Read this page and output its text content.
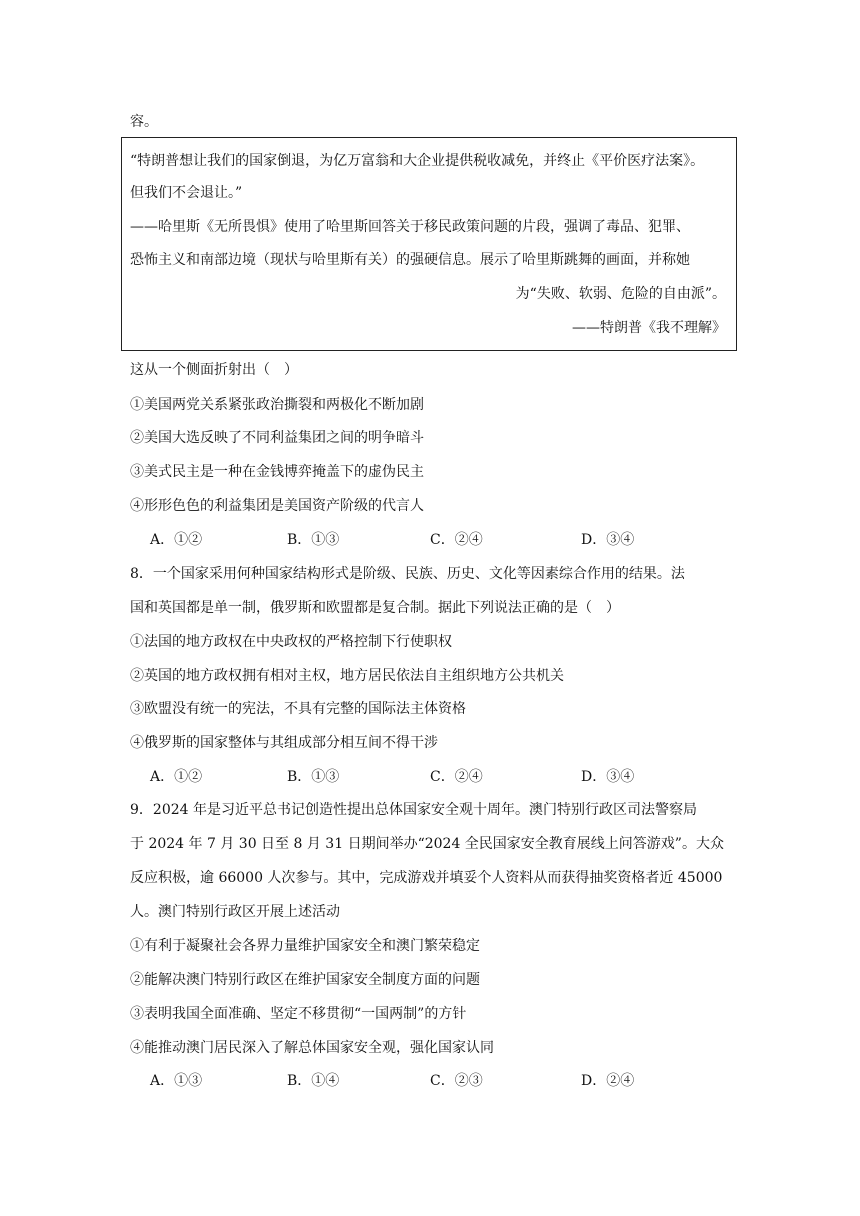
容。
“特朗普想让我们的国家倒退，为亿万富翁和大企业提供税收减免，并终止《平价医疗法案》。
但我们不会退让。”
——哈里斯《无所畏惧》使用了哈里斯回答关于移民政策问题的片段，强调了毒品、犯罪、
恐怖主义和南部边境（现状与哈里斯有关）的强硬信息。展示了哈里斯跳舞的画面，并称她
为“失败、软弱、危险的自由派”。
——特朗普《我不理解》
这从一个侧面折射出（　）
①美国两党关系紧张政治撕裂和两极化不断加剧
②美国大选反映了不同利益集团之间的明争暗斗
③美式民主是一种在金钱博弈掩盖下的虚伪民主
④形形色色的利益集团是美国资产阶级的代言人
A．①②	B．①③	C．②④	D．③④
8．一个国家采用何种国家结构形式是阶级、民族、历史、文化等因素综合作用的结果。法
国和英国都是单一制，俄罗斯和欧盟都是复合制。据此下列说法正确的是（　）
①法国的地方政权在中央政权的严格控制下行使职权
②英国的地方政权拥有相对主权，地方居民依法自主组织地方公共机关
③欧盟没有统一的宪法，不具有完整的国际法主体资格
④俄罗斯的国家整体与其组成部分相互间不得干涉
A．①②	B．①③	C．②④	D．③④
9．2024 年是习近平总书记创造性提出总体国家安全观十周年。澳门特别行政区司法警察局
于 2024 年 7 月 30 日至 8 月 31 日期间举办“2024 全民国家安全教育展线上问答游戏”。大众
反应积极，逾 66000 人次参与。其中，完成游戏并填妥个人资料从而获得抽奖资格者近 45000
人。澳门特别行政区开展上述活动
①有利于凝聚社会各界力量维护国家安全和澳门繁荣稳定
②能解决澳门特别行政区在维护国家安全制度方面的问题
③表明我国全面准确、坚定不移贯彻“一国两制”的方针
④能推动澳门居民深入了解总体国家安全观，强化国家认同
A．①③	B．①④	C．②③	D．②④
